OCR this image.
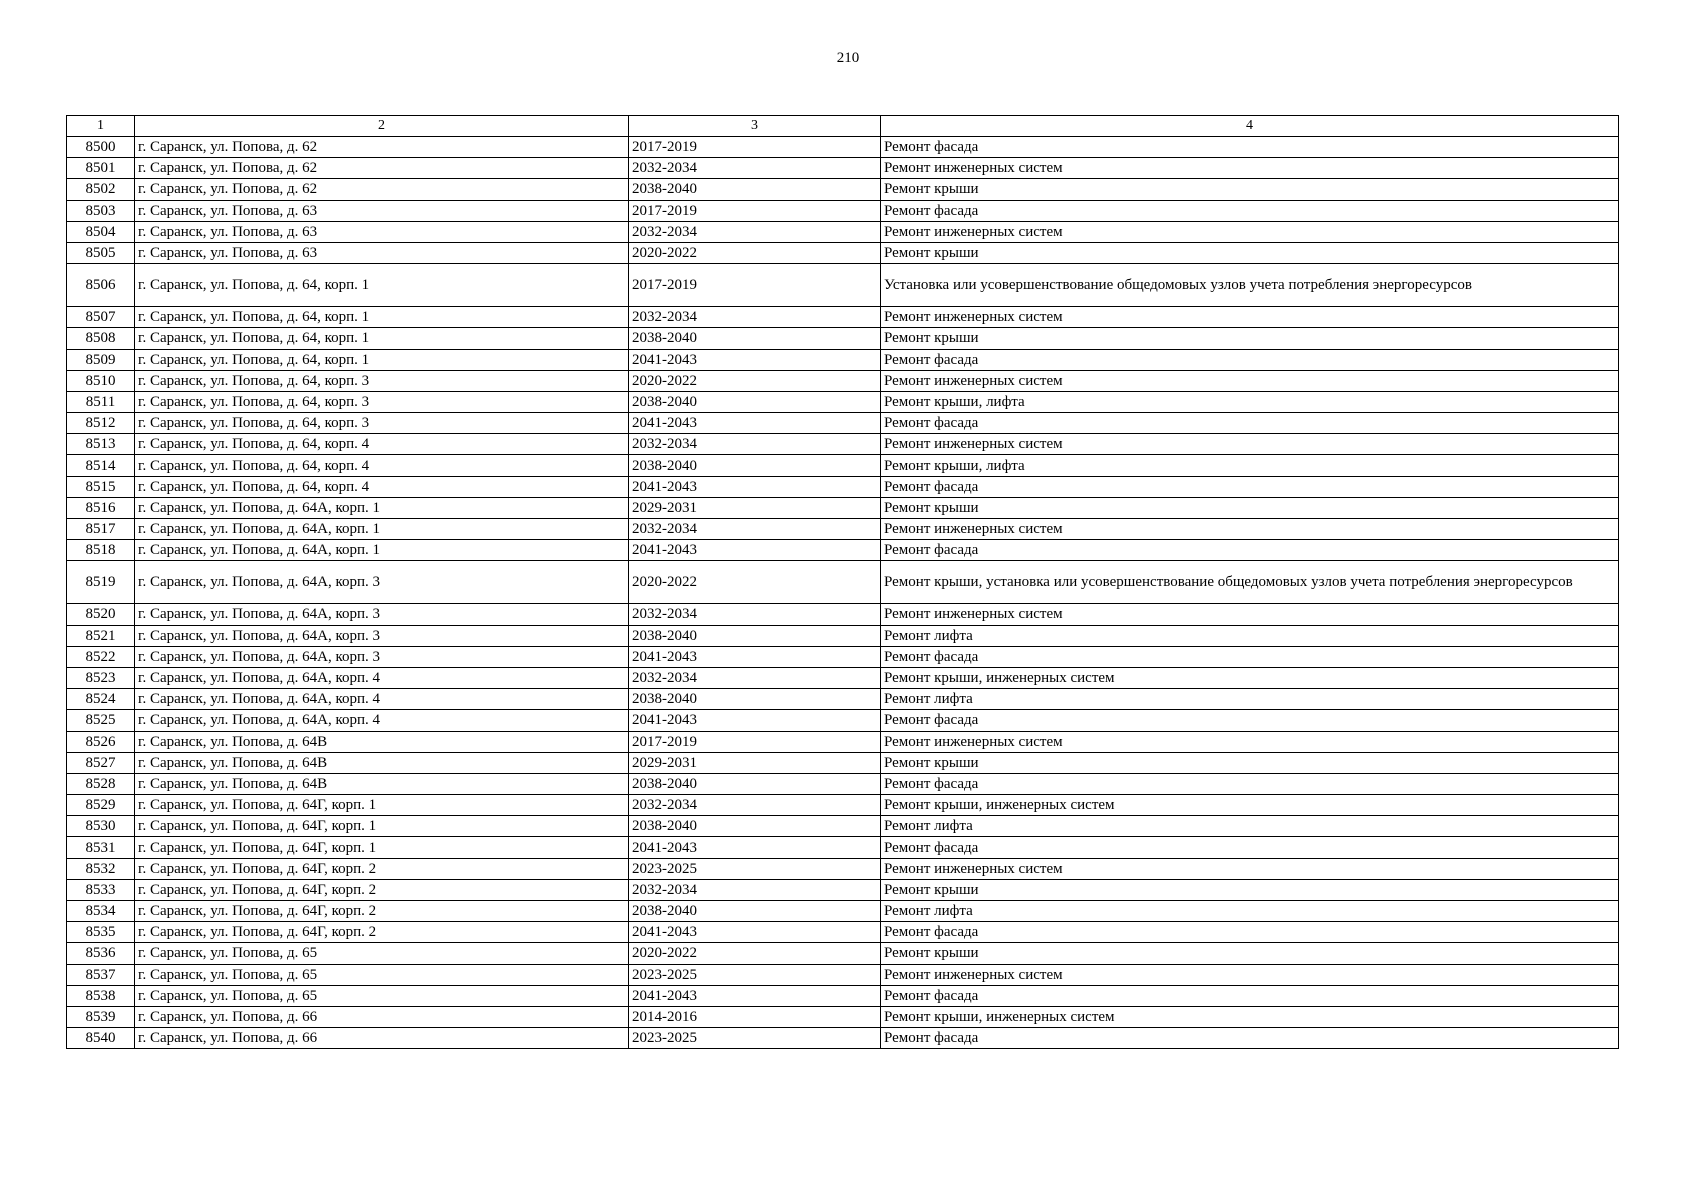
210
1	2	3	4
8500	г. Саранск, ул. Попова, д. 62	2017-2019	Ремонт фасада
8501	г. Саранск, ул. Попова, д. 62	2032-2034	Ремонт инженерных систем
8502	г. Саранск, ул. Попова, д. 62	2038-2040	Ремонт крыши
8503	г. Саранск, ул. Попова, д. 63	2017-2019	Ремонт фасада
8504	г. Саранск, ул. Попова, д. 63	2032-2034	Ремонт инженерных систем
8505	г. Саранск, ул. Попова, д. 63	2020-2022	Ремонт крыши
8506	г. Саранск, ул. Попова, д. 64, корп. 1	2017-2019	Установка или усовершенствование общедомовых узлов учета потребления энергоресурсов
8507	г. Саранск, ул. Попова, д. 64, корп. 1	2032-2034	Ремонт инженерных систем
8508	г. Саранск, ул. Попова, д. 64, корп. 1	2038-2040	Ремонт крыши
8509	г. Саранск, ул. Попова, д. 64, корп. 1	2041-2043	Ремонт фасада
8510	г. Саранск, ул. Попова, д. 64, корп. 3	2020-2022	Ремонт инженерных систем
8511	г. Саранск, ул. Попова, д. 64, корп. 3	2038-2040	Ремонт крыши, лифта
8512	г. Саранск, ул. Попова, д. 64, корп. 3	2041-2043	Ремонт фасада
8513	г. Саранск, ул. Попова, д. 64, корп. 4	2032-2034	Ремонт инженерных систем
8514	г. Саранск, ул. Попова, д. 64, корп. 4	2038-2040	Ремонт крыши, лифта
8515	г. Саранск, ул. Попова, д. 64, корп. 4	2041-2043	Ремонт фасада
8516	г. Саранск, ул. Попова, д. 64А, корп. 1	2029-2031	Ремонт крыши
8517	г. Саранск, ул. Попова, д. 64А, корп. 1	2032-2034	Ремонт инженерных систем
8518	г. Саранск, ул. Попова, д. 64А, корп. 1	2041-2043	Ремонт фасада
8519	г. Саранск, ул. Попова, д. 64А, корп. 3	2020-2022	Ремонт крыши, установка или усовершенствование общедомовых узлов учета потребления энергоресурсов
8520	г. Саранск, ул. Попова, д. 64А, корп. 3	2032-2034	Ремонт инженерных систем
8521	г. Саранск, ул. Попова, д. 64А, корп. 3	2038-2040	Ремонт лифта
8522	г. Саранск, ул. Попова, д. 64А, корп. 3	2041-2043	Ремонт фасада
8523	г. Саранск, ул. Попова, д. 64А, корп. 4	2032-2034	Ремонт крыши, инженерных систем
8524	г. Саранск, ул. Попова, д. 64А, корп. 4	2038-2040	Ремонт лифта
8525	г. Саранск, ул. Попова, д. 64А, корп. 4	2041-2043	Ремонт фасада
8526	г. Саранск, ул. Попова, д. 64В	2017-2019	Ремонт инженерных систем
8527	г. Саранск, ул. Попова, д. 64В	2029-2031	Ремонт крыши
8528	г. Саранск, ул. Попова, д. 64В	2038-2040	Ремонт фасада
8529	г. Саранск, ул. Попова, д. 64Г, корп. 1	2032-2034	Ремонт крыши, инженерных систем
8530	г. Саранск, ул. Попова, д. 64Г, корп. 1	2038-2040	Ремонт лифта
8531	г. Саранск, ул. Попова, д. 64Г, корп. 1	2041-2043	Ремонт фасада
8532	г. Саранск, ул. Попова, д. 64Г, корп. 2	2023-2025	Ремонт инженерных систем
8533	г. Саранск, ул. Попова, д. 64Г, корп. 2	2032-2034	Ремонт крыши
8534	г. Саранск, ул. Попова, д. 64Г, корп. 2	2038-2040	Ремонт лифта
8535	г. Саранск, ул. Попова, д. 64Г, корп. 2	2041-2043	Ремонт фасада
8536	г. Саранск, ул. Попова, д. 65	2020-2022	Ремонт крыши
8537	г. Саранск, ул. Попова, д. 65	2023-2025	Ремонт инженерных систем
8538	г. Саранск, ул. Попова, д. 65	2041-2043	Ремонт фасада
8539	г. Саранск, ул. Попова, д. 66	2014-2016	Ремонт крыши, инженерных систем
8540	г. Саранск, ул. Попова, д. 66	2023-2025	Ремонт фасада
